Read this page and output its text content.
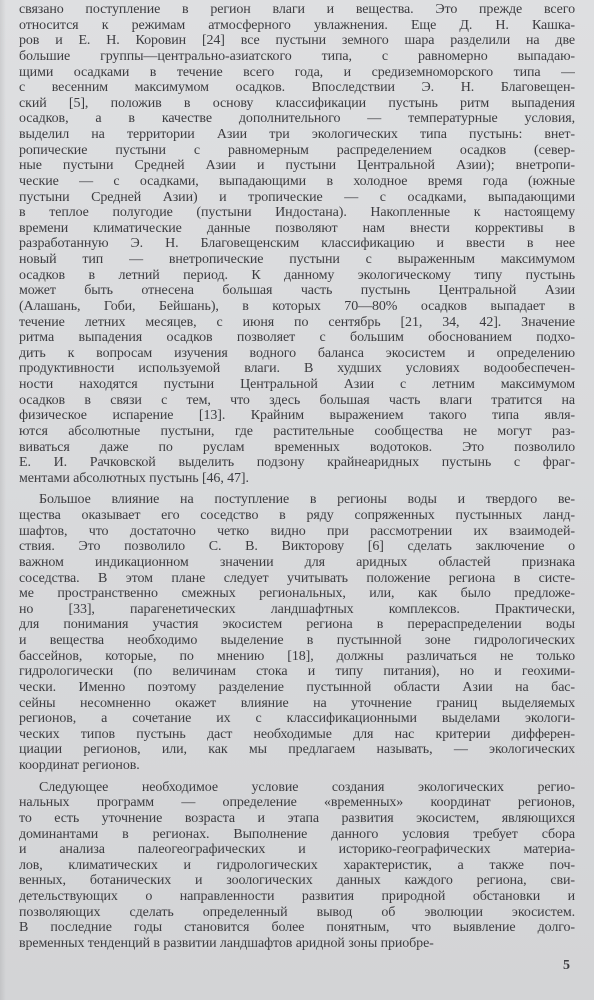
связано поступление в регион влаги и вещества. Это прежде всего
относится к режимам атмосферного увлажнения. Еще Д. Н. Кашка-
ров и Е. Н. Коровин [24] все пустыни земного шара разделили на две
большие группы—центрально-азиатского типа, с равномерно выпадаю-
щими осадками в течение всего года, и средиземноморского типа —
с весенним максимумом осадков. Впоследствии Э. Н. Благовещен-
ский [5], положив в основу классификации пустынь ритм выпадения
осадков, а в качестве дополнительного — температурные условия,
выделил на территории Азии три экологических типа пустынь: внет-
ропические пустыни с равномерным распределением осадков (север-
ные пустыни Средней Азии и пустыни Центральной Азии); внетропи-
ческие — с осадками, выпадающими в холодное время года (южные
пустыни Средней Азии) и тропические — с осадками, выпадающими
в теплое полугодие (пустыни Индостана). Накопленные к настоящему
времени климатические данные позволяют нам внести коррективы в
разработанную Э. Н. Благовещенским классификацию и ввести в нее
новый тип — внетропические пустыни с выраженным максимумом
осадков в летний период. К данному экологическому типу пустынь
может быть отнесена большая часть пустынь Центральной Азии
(Алашань, Гоби, Бейшань), в которых 70—80% осадков выпадает в
течение летних месяцев, с июня по сентябрь [21, 34, 42]. Значение
ритма выпадения осадков позволяет с большим обоснованием подхо-
дить к вопросам изучения водного баланса экосистем и определению
продуктивности используемой влаги. В худших условиях водообеспечен-
ности находятся пустыни Центральной Азии с летним максимумом
осадков в связи с тем, что здесь большая часть влаги тратится на
физическое испарение [13]. Крайним выражением такого типа явля-
ются абсолютные пустыни, где растительные сообщества не могут раз-
виваться даже по руслам временных водотоков. Это позволило
Е. И. Рачковской выделить подзону крайнеаридных пустынь с фраг-
ментами абсолютных пустынь [46, 47].
Большое влияние на поступление в регионы воды и твердого ве-
щества оказывает его соседство в ряду сопряженных пустынных ланд-
шафтов, что достаточно четко видно при рассмотрении их взаимодей-
ствия. Это позволило С. В. Викторову [6] сделать заключение о
важном индикационном значении для аридных областей признака
соседства. В этом плане следует учитывать положение региона в систе-
ме пространственно смежных региональных, или, как было предложе-
но [33], парагенетических ландшафтных комплексов. Практически,
для понимания участия экосистем региона в перераспределении воды
и вещества необходимо выделение в пустынной зоне гидрологических
бассейнов, которые, по мнению [18], должны различаться не только
гидрологически (по величинам стока и типу питания), но и геохими-
чески. Именно поэтому разделение пустынной области Азии на бас-
сейны несомненно окажет влияние на уточнение границ выделяемых
регионов, а сочетание их с классификационными выделами экологи-
ческих типов пустынь даст необходимые для нас критерии дифферен-
циации регионов, или, как мы предлагаем называть, — экологических
координат регионов.
Следующее необходимое условие создания экологических регио-
нальных программ — определение «временных» координат регионов,
то есть уточнение возраста и этапа развития экосистем, являющихся
доминантами в регионах. Выполнение данного условия требует сбора
и анализа палеогеографических и историко-географических материа-
лов, климатических и гидрологических характеристик, а также поч-
венных, ботанических и зоологических данных каждого региона, сви-
детельствующих о направленности развития природной обстановки и
позволяющих сделать определенный вывод об эволюции экосистем.
В последние годы становится более понятным, что выявление долго-
временных тенденций в развитии ландшафтов аридной зоны приобре-
5
